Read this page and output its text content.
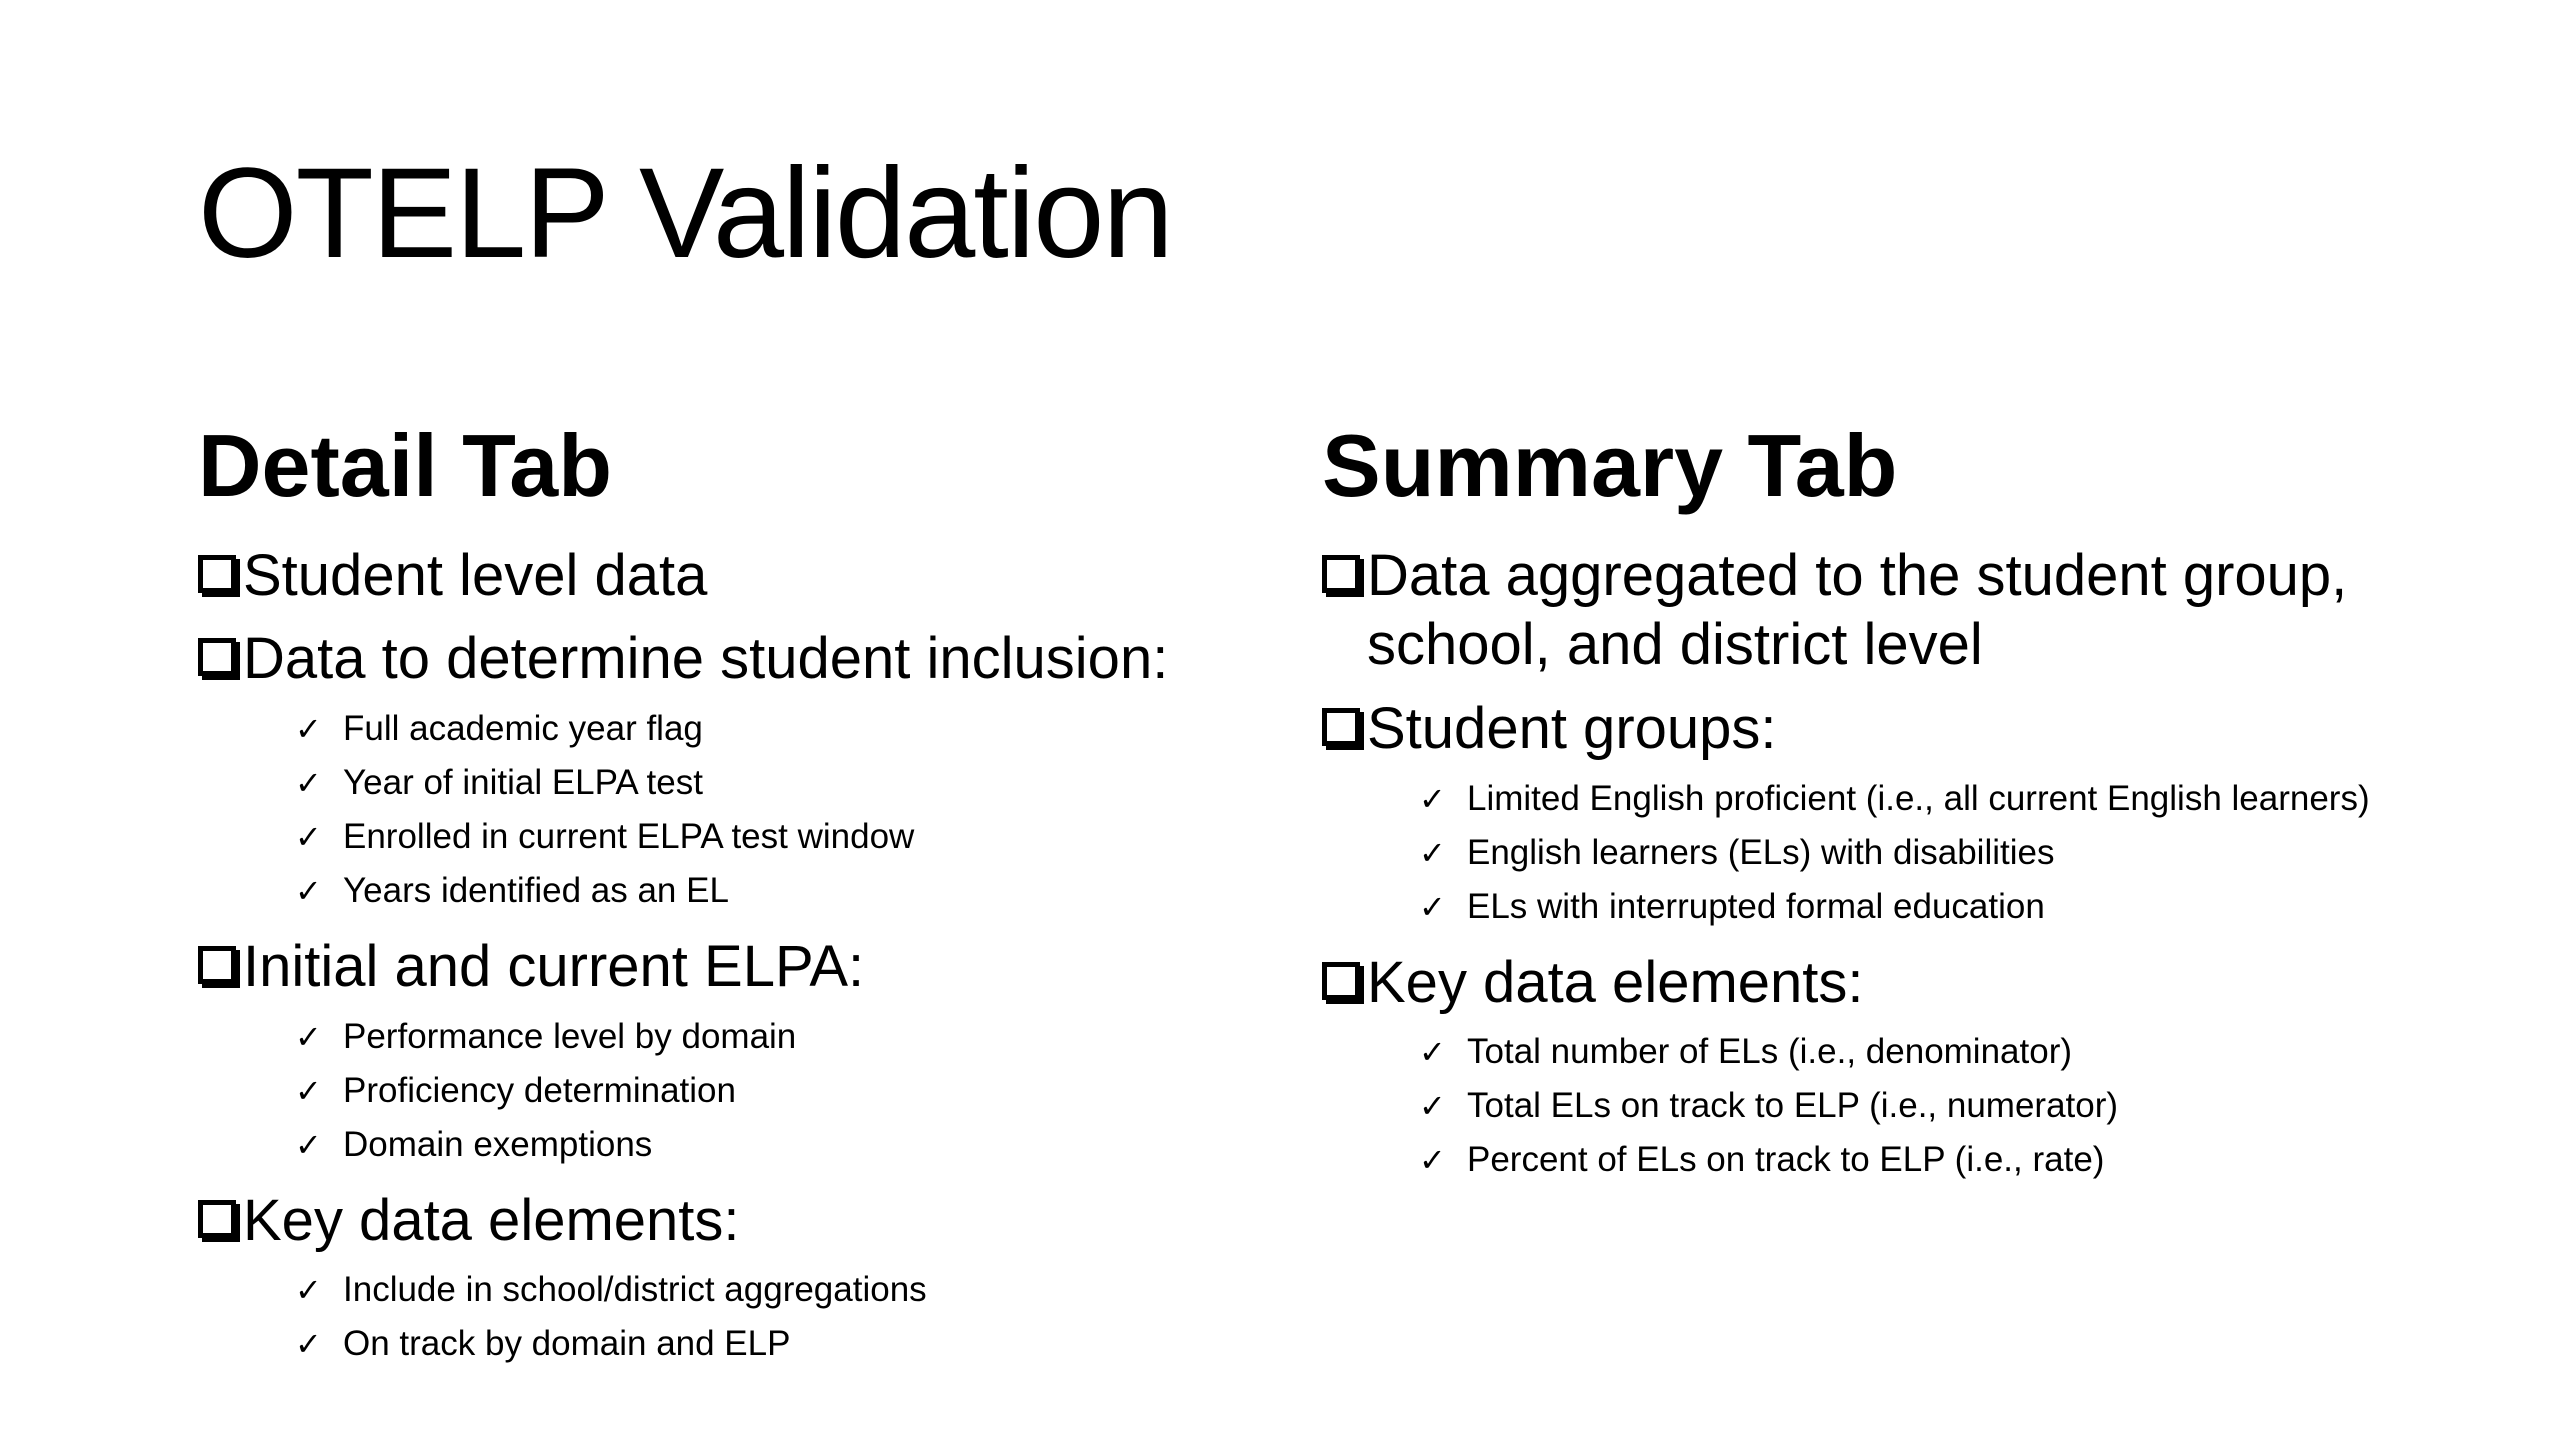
OTELP Validation
Detail Tab
Student level data
Data to determine student inclusion:
✓ Full academic year flag
✓ Year of initial ELPA test
✓ Enrolled in current ELPA test window
✓ Years identified as an EL
Initial and current ELPA:
✓ Performance level by domain
✓ Proficiency determination
✓ Domain exemptions
Key data elements:
✓ Include in school/district aggregations
✓ On track by domain and ELP
Summary Tab
Data aggregated to the student group, school, and district level
Student groups:
✓ Limited English proficient (i.e., all current English learners)
✓ English learners (ELs) with disabilities
✓ ELs with interrupted formal education
Key data elements:
✓ Total number of ELs (i.e., denominator)
✓ Total ELs on track to ELP (i.e., numerator)
✓ Percent of ELs on track to ELP (i.e., rate)
